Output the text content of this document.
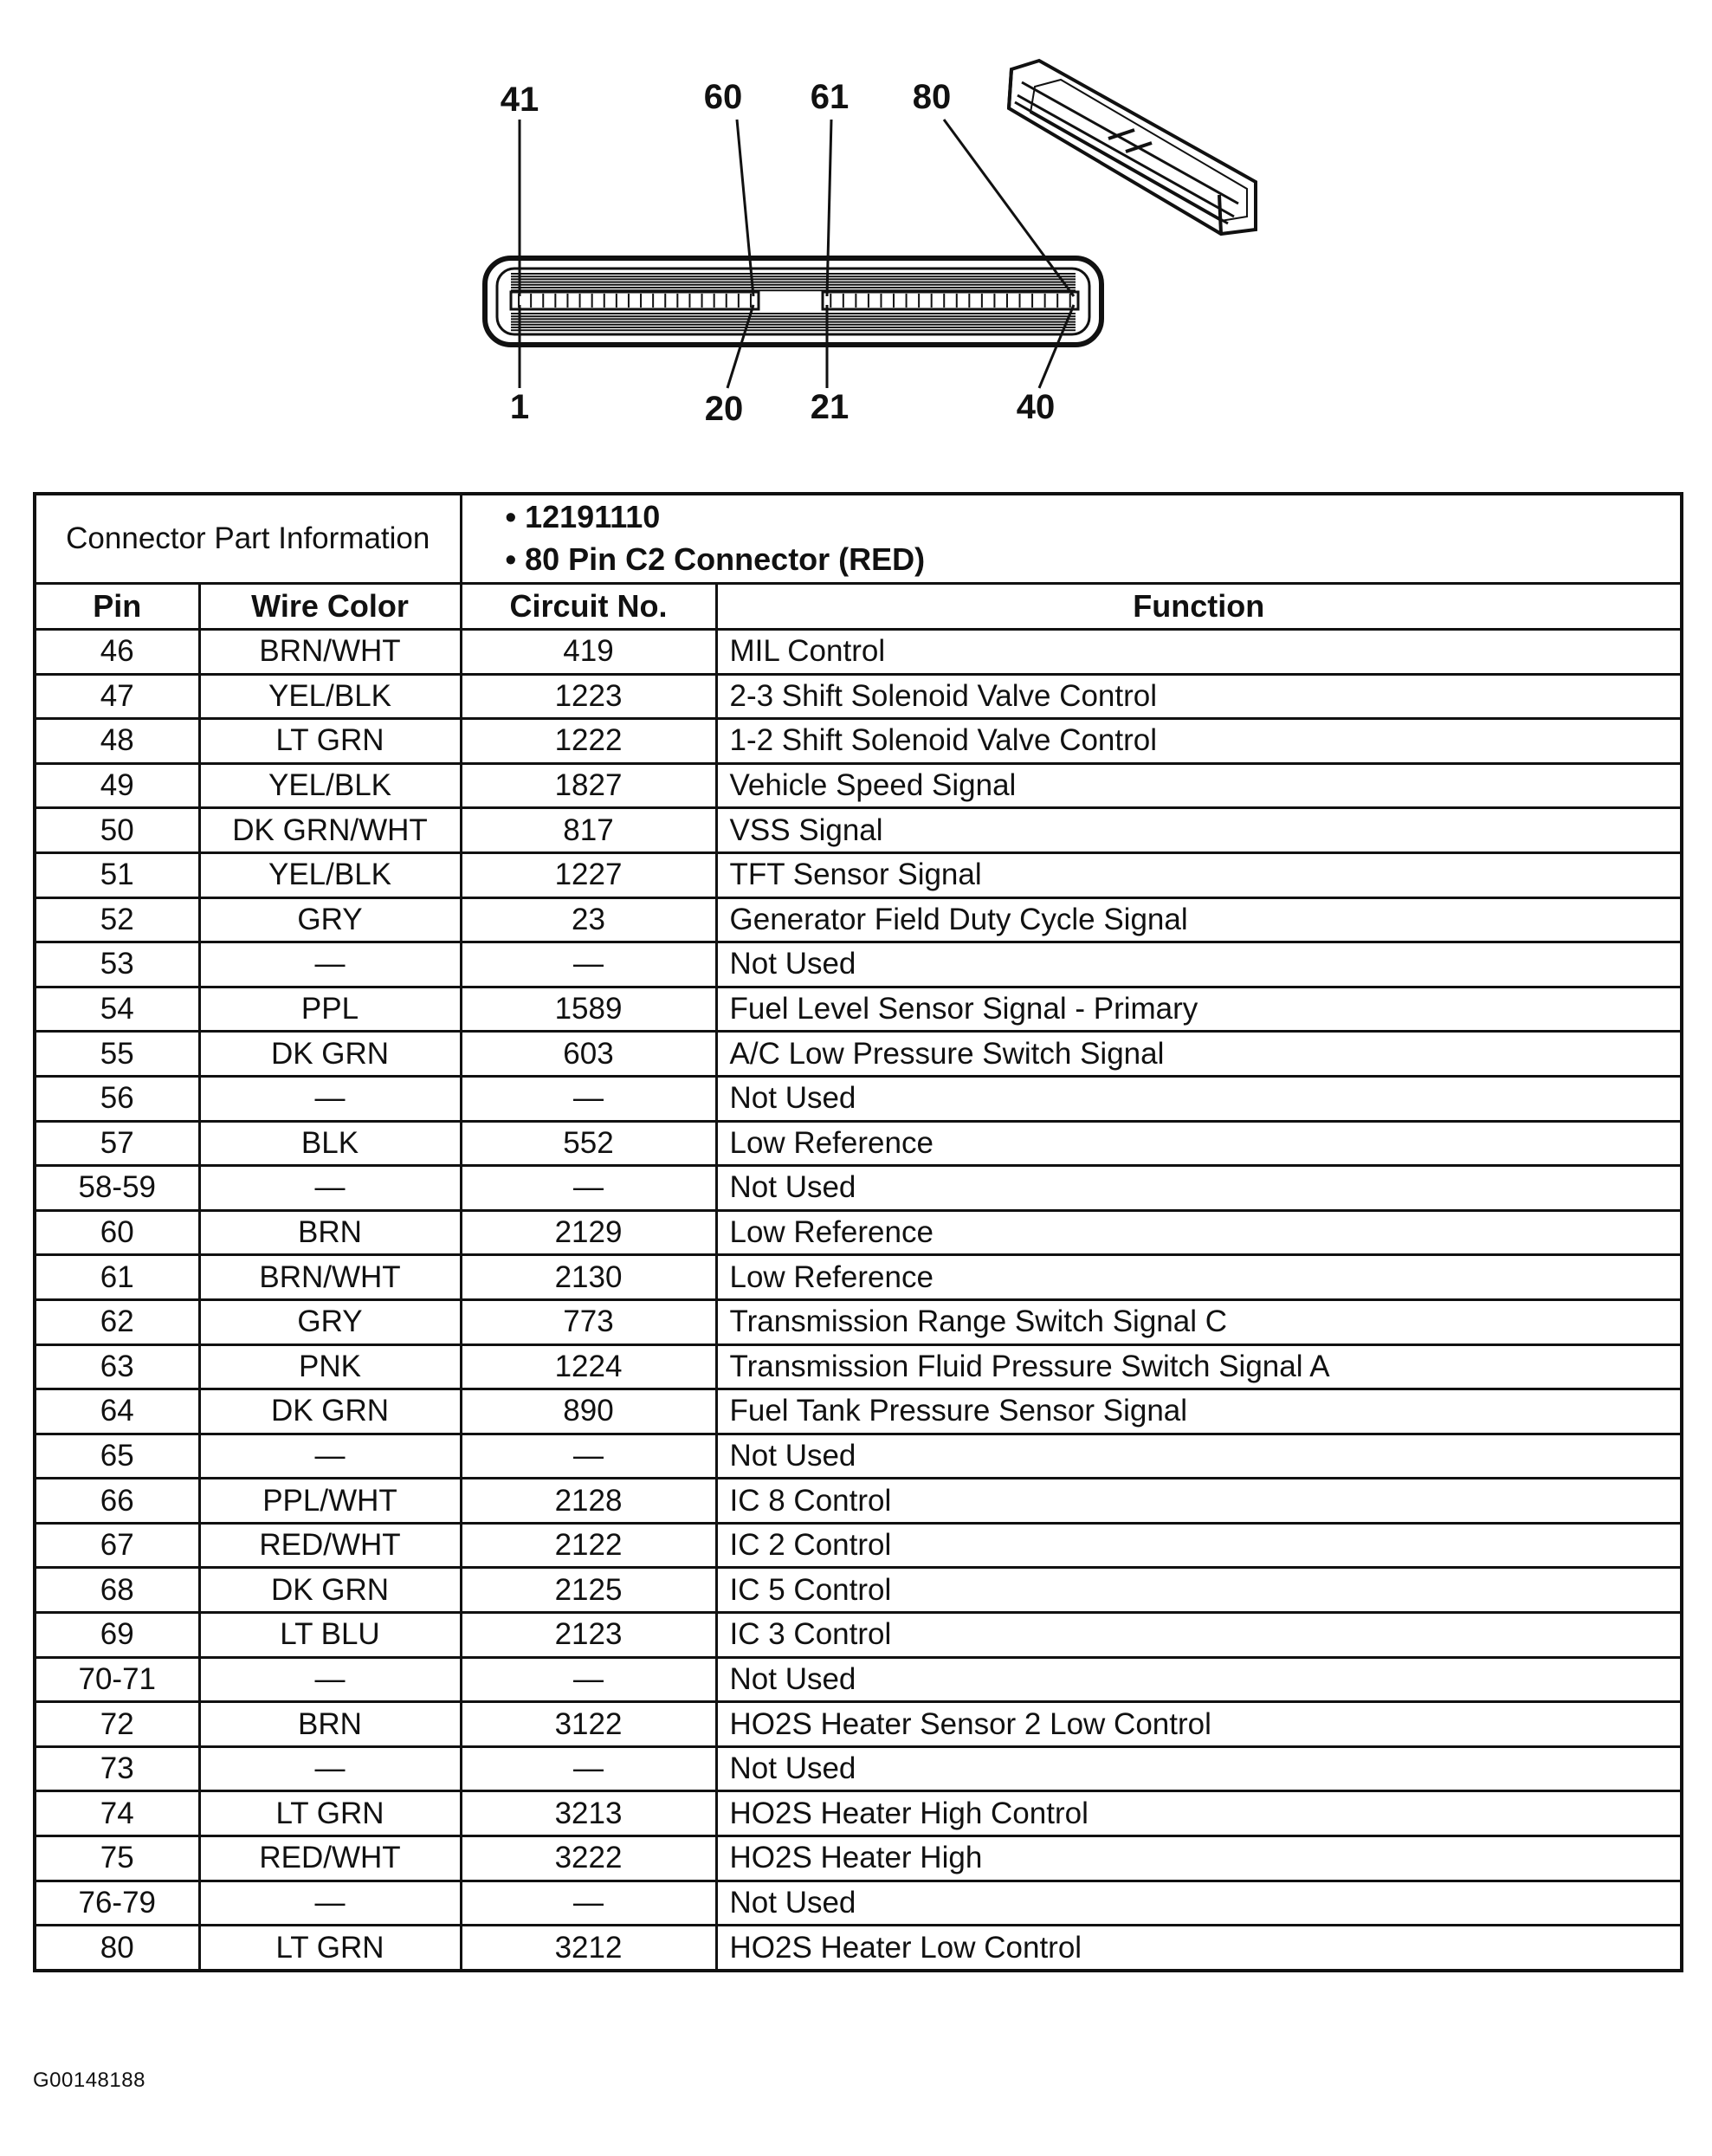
41	60 61 80
1	20 21	40
Connector Part Information		• 12191110
• 80 Pin C2 Connector (RED)	

Pin	Wire Color	Circuit No.	Function
46	BRN/WHT	419	MIL Control
47	YEL/BLK	1223	2-3 Shift Solenoid Valve Control
48	LT GRN	1222	1-2 Shift Solenoid Valve Control
49	YEL/BLK	1827	Vehicle Speed Signal
50	DK GRN/WHT	817	VSS Signal
51	YEL/BLK	1227	TFT Sensor Signal
52	GRY	23	Generator Field Duty Cycle Signal
53	—	—	Not Used
54	PPL	1589	Fuel Level Sensor Signal - Primary
55	DK GRN	603	A/C Low Pressure Switch Signal
56	—	—	Not Used
57	BLK	552	Low Reference
58-59	—	—	Not Used
60	BRN	2129	Low Reference
61	BRN/WHT	2130	Low Reference
62	GRY	773	Transmission Range Switch Signal C
63	PNK	1224	Transmission Fluid Pressure Switch Signal A
64	DK GRN	890	Fuel Tank Pressure Sensor Signal
65	—	—	Not Used
66	PPL/WHT	2128	IC 8 Control
67	RED/WHT	2122	IC 2 Control
68	DK GRN	2125	IC 5 Control
69	LT BLU	2123	IC 3 Control
70-71	—	—	Not Used
72	BRN	3122	HO2S Heater Sensor 2 Low Control
73	—	—	Not Used
74	LT GRN	3213	HO2S Heater High Control
75	RED/WHT	3222	HO2S Heater High
76-79	—	—	Not Used
80	LT GRN	3212	HO2S Heater Low Control
G00148188
